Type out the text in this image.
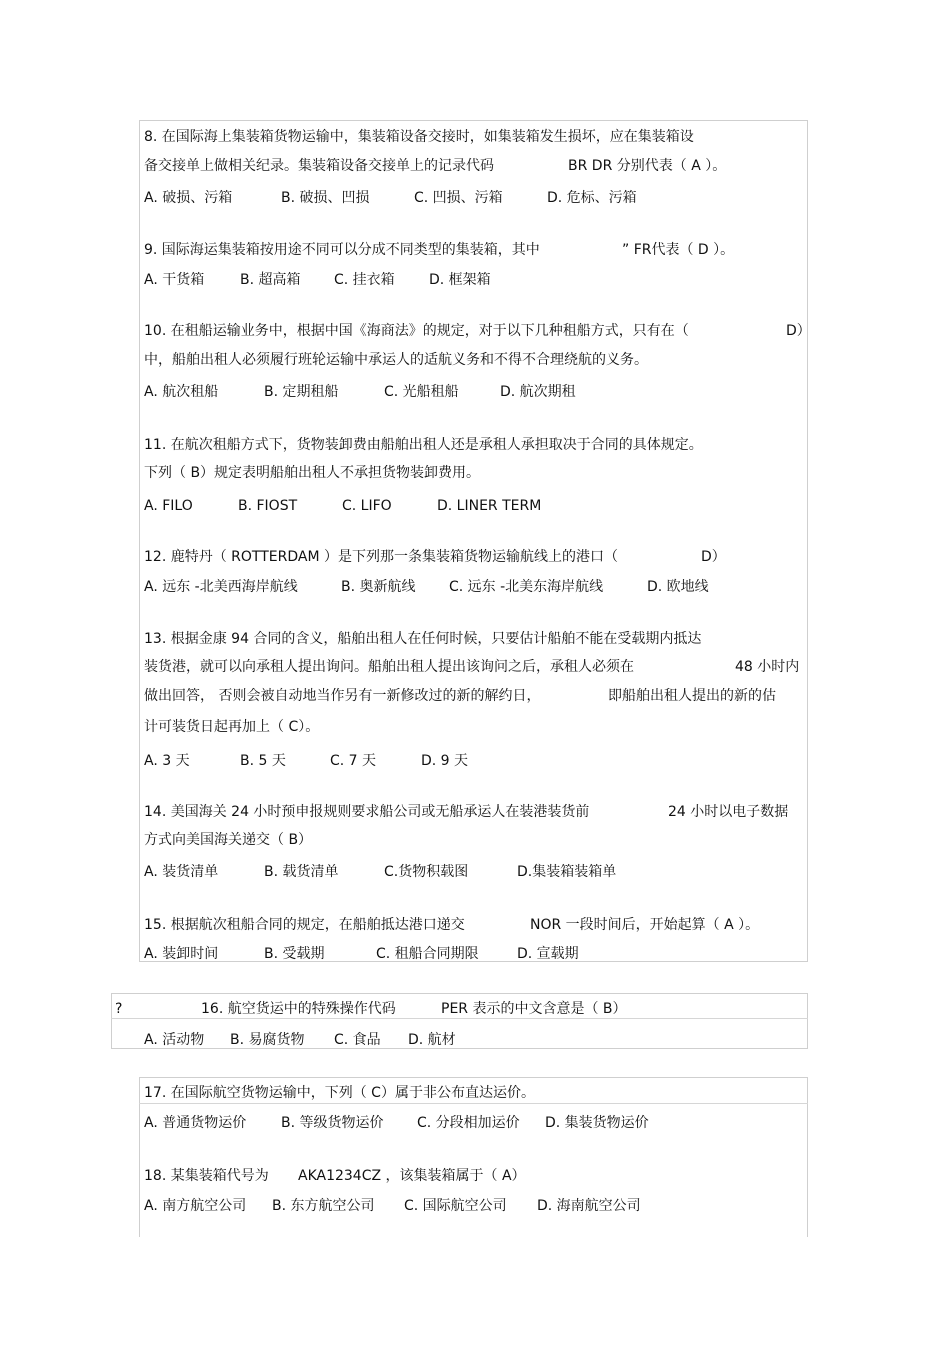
8. 在国际海上集装箱货物运输中，集装箱设备交接时，如集装箱发生损坏，应在集装箱设
备交接单上做相关纪录。集装箱设备交接单上的记录代码	BR DR 分别代表（ A ）。
A. 破损、污箱	B. 破损、凹损	C. 凹损、污箱	D. 危标、污箱
9. 国际海运集装箱按用途不同可以分成不同类型的集装箱，其中	” FR代表（ D ）。
A. 干货箱	B. 超高箱 C. 挂衣箱 D. 框架箱
10. 在租船运输业务中，根据中国《海商法》的规定，对于以下几种租船方式，只有在（	D）
中，船舶出租人必须履行班轮运输中承运人的适航义务和不得不合理绕航的义务。
A. 航次租船	B. 定期租船	C. 光船租船	D. 航次期租
11. 在航次租船方式下，货物装卸费由船舶出租人还是承租人承担取决于合同的具体规定。
下列（ B）规定表明船舶出租人不承担货物装卸费用。
A. FILO	B. FIOST	C. LIFO	D. LINER TERM
12. 鹿特丹（ ROTTERDAM ）是下列那一条集装箱货物运输航线上的港口（	D）
A. 远东 -北美西海岸航线	B. 奥新航线 C. 远东 -北美东海岸航线	D. 欧地线
13. 根据金康 94 合同的含义，船舶出租人在任何时候，只要估计船舶不能在受载期内抵达
装货港，就可以向承租人提出询问。船舶出租人提出该询问之后，承租人必须在	48 小时内
做出回答， 否则会被自动地当作另有一新修改过的新的解约日，	即船舶出租人提出的新的估
计可装货日起再加上（ C）。
A. 3 天	B. 5 天	C. 7 天	D. 9 天
14. 美国海关 24 小时预申报规则要求船公司或无船承运人在装港装货前	24 小时以电子数据
方式向美国海关递交（ B）
A. 装货清单	B. 载货清单	C.货物积载图	D.集装箱装箱单
15. 根据航次租船合同的规定，在船舶抵达港口递交	NOR 一段时间后，开始起算（ A ）。
A. 装卸时间	B. 受载期	C. 租船合同期限	D. 宣载期
?	16. 航空货运中的特殊操作代码	PER 表示的中文含意是（ B）
A. 活动物 B. 易腐货物 C. 食品 D. 航材
17. 在国际航空货物运输中，下列（ C）属于非公布直达运价。
A. 普通货物运价 B. 等级货物运价 C. 分段相加运价 D. 集装货物运价
18. 某集装箱代号为 AKA1234CZ ，该集装箱属于（ A）
A. 南方航空公司 B. 东方航空公司 C. 国际航空公司 D. 海南航空公司
